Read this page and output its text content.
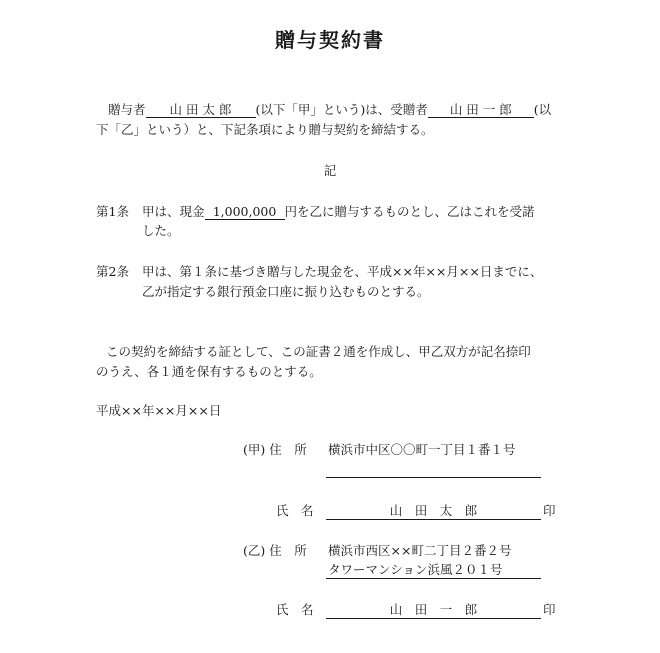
贈与契約書
贈与者 山 田 太 郎 (以下「甲」という)は、受贈者 山 田 一 郎 (以
下「乙」という）と、下記条項により贈与契約を締結する。
記
第1条 甲は、現金 1,000,000 円を乙に贈与するものとし、乙はこれを受諾
した。
第2条 甲は、第１条に基づき贈与した現金を、平成××年××月××日までに、
乙が指定する銀行預金口座に振り込むものとする。
この契約を締結する証として、この証書２通を作成し、甲乙双方が記名捺印
のうえ、各１通を保有するものとする。
平成××年××月××日
(甲) 住　所 横浜市中区〇〇町一丁目１番１号
氏　名	山　田　太　郎	印
(乙) 住　所 横浜市西区××町二丁目２番２号
タワーマンション浜風２０１号
氏　名	山　田　一　郎	印
